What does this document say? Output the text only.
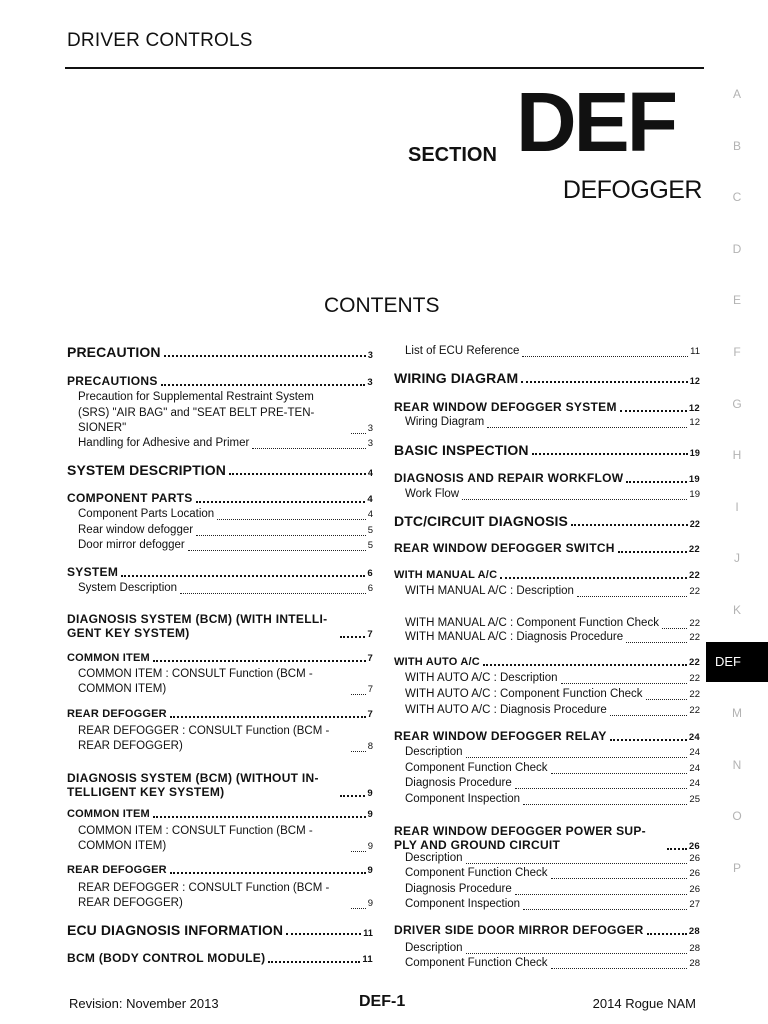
DRIVER CONTROLS
SECTION DEF
DEFOGGER
CONTENTS
PRECAUTION	3
PRECAUTIONS	3
Precaution for Supplemental Restraint System (SRS) "AIR BAG" and "SEAT BELT PRE-TEN-SIONER"	3
Handling for Adhesive and Primer	3
SYSTEM DESCRIPTION	4
COMPONENT PARTS	4
Component Parts Location	4
Rear window defogger	5
Door mirror defogger	5
SYSTEM	6
System Description	6
DIAGNOSIS SYSTEM (BCM) (WITH INTELLI-GENT KEY SYSTEM)	7
COMMON ITEM	7
COMMON ITEM : CONSULT Function (BCM - COMMON ITEM)	7
REAR DEFOGGER	7
REAR DEFOGGER : CONSULT Function (BCM - REAR DEFOGGER)	8
DIAGNOSIS SYSTEM (BCM) (WITHOUT IN-TELLIGENT KEY SYSTEM)	9
COMMON ITEM	9
COMMON ITEM : CONSULT Function (BCM - COMMON ITEM)	9
REAR DEFOGGER	9
REAR DEFOGGER : CONSULT Function (BCM - REAR DEFOGGER)	9
ECU DIAGNOSIS INFORMATION	11
BCM (BODY CONTROL MODULE)	11
List of ECU Reference	11
WIRING DIAGRAM	12
REAR WINDOW DEFOGGER SYSTEM	12
Wiring Diagram	12
BASIC INSPECTION	19
DIAGNOSIS AND REPAIR WORKFLOW	19
Work Flow	19
DTC/CIRCUIT DIAGNOSIS	22
REAR WINDOW DEFOGGER SWITCH	22
WITH MANUAL A/C	22
WITH MANUAL A/C : Description	22
WITH MANUAL A/C : Component Function Check	22
WITH MANUAL A/C : Diagnosis Procedure	22
WITH AUTO A/C	22
WITH AUTO A/C : Description	22
WITH AUTO A/C : Component Function Check	22
WITH AUTO A/C : Diagnosis Procedure	22
REAR WINDOW DEFOGGER RELAY	24
Description	24
Component Function Check	24
Diagnosis Procedure	24
Component Inspection	25
REAR WINDOW DEFOGGER POWER SUP-PLY AND GROUND CIRCUIT	26
Description	26
Component Function Check	26
Diagnosis Procedure	26
Component Inspection	27
DRIVER SIDE DOOR MIRROR DEFOGGER	28
Description	28
Component Function Check	28
A
B
C
D
E
F
G
H
I
J
K
DEF
M
N
O
P
Revision: November 2013	DEF-1	2014 Rogue NAM
